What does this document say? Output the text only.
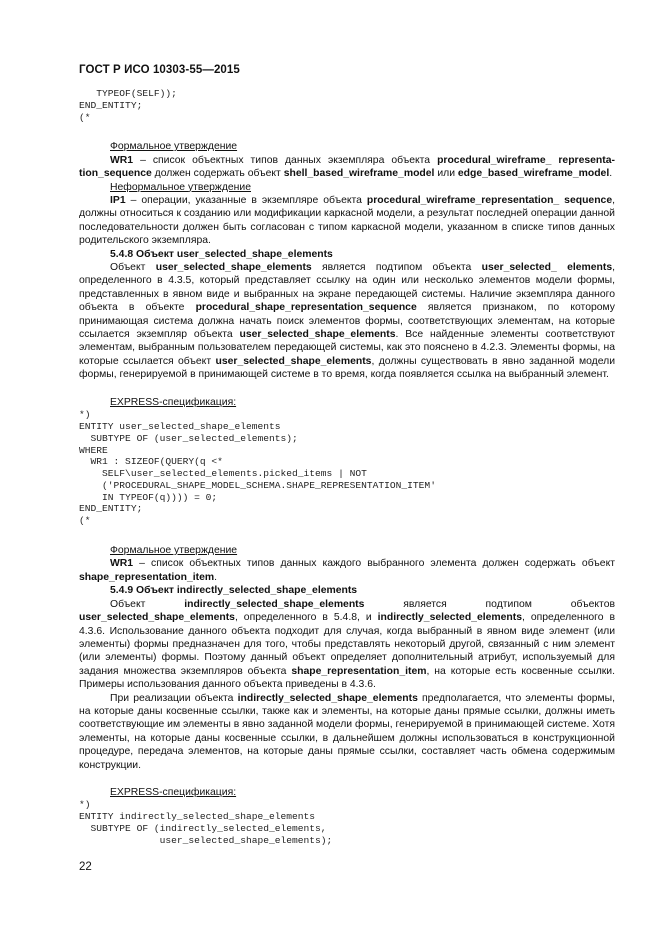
ГОСТ Р ИСО 10303-55—2015
TYPEOF(SELF));
END_ENTITY;
(*

Формальное утверждение

WR1 – список объектных типов данных экземпляра объекта procedural_wireframe_ representation_sequence должен содержать объект shell_based_wireframe_model или edge_based_wireframe_model.

Неформальное утверждение

IP1 – операции, указанные в экземпляре объекта procedural_wireframe_representation_ sequence, должны относиться к созданию или модификации каркасной модели, а результат последней операции данной последовательности должен быть согласован с типом каркасной модели, указанном в списке типов данных родительского экземпляра.

5.4.8 Объект user_selected_shape_elements

Объект user_selected_shape_elements является подтипом объекта user_selected_ elements, определенного в 4.3.5, который представляет ссылку на один или несколько элементов модели формы, представленных в явном виде и выбранных на экране передающей системы. Наличие экземпляра данного объекта в объекте procedural_shape_representation_sequence является признаком, по которому принимающая система должна начать поиск элементов формы, соответствующих элементам, на которые ссылается экземпляр объекта user_selected_shape_elements. Все найденные элементы соответствуют элементам, выбранным пользователем передающей системы, как это пояснено в 4.2.3. Элементы формы, на которые ссылается объект user_selected_shape_elements, должны существовать в явно заданной модели формы, генерируемой в принимающей системе в то время, когда появляется ссылка на выбранный элемент.

EXPRESS-спецификация:

*)
ENTITY user_selected_shape_elements
SUBTYPE OF (user_selected_elements);
WHERE
WR1 : SIZEOF(QUERY(q <*
SELF\user_selected_elements.picked_items | NOT
('PROCEDURAL_SHAPE_MODEL_SCHEMA.SHAPE_REPRESENTATION_ITEM'
IN TYPEOF(q)))) = 0;
END_ENTITY;
(*

Формальное утверждение

WR1 – список объектных типов данных каждого выбранного элемента должен содержать объект shape_representation_item.

5.4.9 Объект indirectly_selected_shape_elements

Объект indirectly_selected_shape_elements является подтипом объектов user_selected_shape_elements, определенного в 5.4.8, и indirectly_selected_elements, определенного в 4.3.6. Использование данного объекта подходит для случая, когда выбранный в явном виде элемент (или элементы) формы предназначен для того, чтобы представлять некоторый другой, связанный с ним элемент (или элементы) формы. Поэтому данный объект определяет дополнительный атрибут, используемый для задания множества экземпляров объекта shape_representation_item, на которые есть косвенные ссылки. Примеры использования данного объекта приведены в 4.3.6.

При реализации объекта indirectly_selected_shape_elements предполагается, что элементы формы, на которые даны косвенные ссылки, также как и элементы, на которые даны прямые ссылки, должны иметь соответствующие им элементы в явно заданной модели формы, генерируемой в принимающей системе. Хотя элементы, на которые даны косвенные ссылки, в дальнейшем должны использоваться в конструкционной процедуре, передача элементов, на которые даны прямые ссылки, составляет часть обмена содержимым конструкции.

EXPRESS-спецификация:

*)
ENTITY indirectly_selected_shape_elements
SUBTYPE OF (indirectly_selected_elements,
user_selected_shape_elements);
22
